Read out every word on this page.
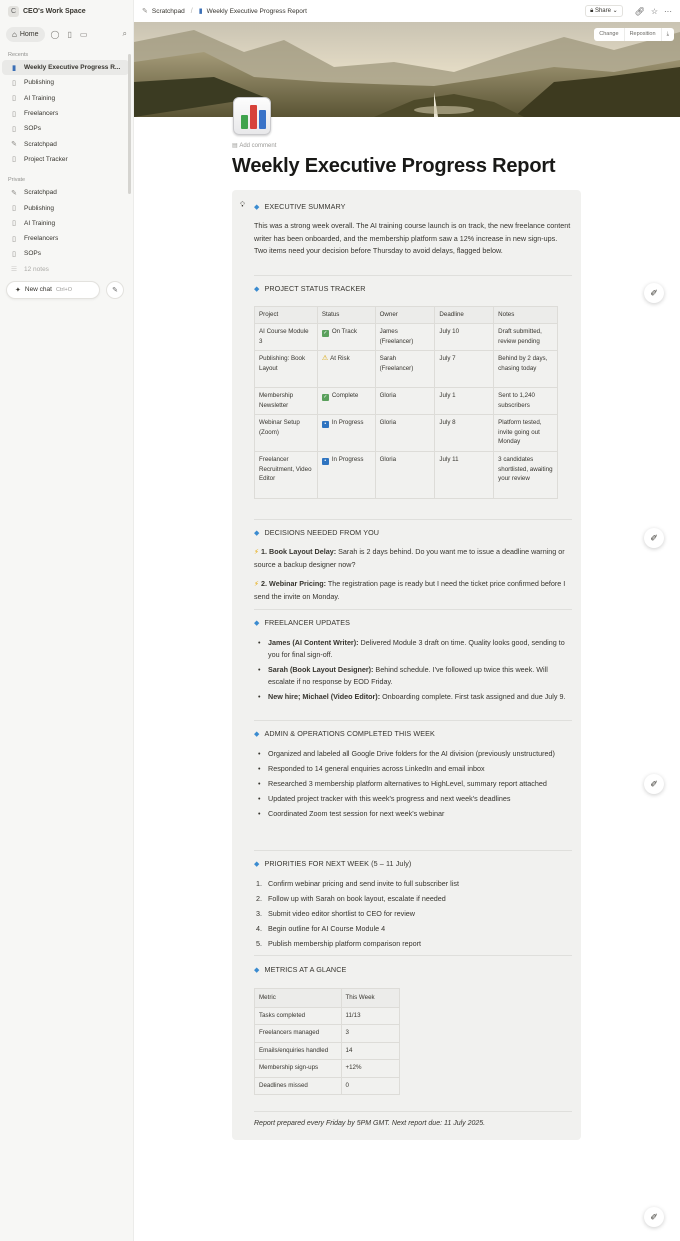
C CEO's Work Space
⌂ Home ◯ ▯ ▭	⌕
Recents
▮	Weekly Executive Progress R...
▯	Publishing
▯	AI Training
▯	Freelancers
▯	SOPs
✎ Scratchpad
▯	Project Tracker
Private
✎ Scratchpad
▯	Publishing
▯	AI Training
▯	Freelancers
▯	SOPs
☰ 12 notes
✦ New chat Ctrl+O	✎
✎ Scratchpad / ▮ Weekly Executive Progress Report	🔒︎ Share ⌄	🔗︎ ☆ ···
Change	Reposition	⤓
▤ Add comment
Weekly Executive Progress Report
💡︎ ◆ EXECUTIVE SUMMARY
This was a strong week overall. The AI training course launch is on track, the new freelance content writer has been onboarded, and the membership platform saw a 12% increase in new sign-ups. Two items need your decision before Thursday to avoid delays, flagged below.
◆ PROJECT STATUS TRACKER
Project	Status	Owner	Deadline	Notes
AI Course Module 3	✓ On Track	James (Freelancer)	July 10	Draft submitted, review pending
Publishing: Book Layout	⚠ At Risk	Sarah (Freelancer)	July 7	Behind by 2 days, chasing today
Membership Newsletter	✓ Complete	Gloria	July 1	Sent to 1,240 subscribers
Webinar Setup (Zoom)	• In Progress	Gloria	July 8	Platform tested, invite going out Monday
Freelancer Recruitment, Video Editor	• In Progress	Gloria	July 11	3 candidates shortlisted, awaiting your review
◆ DECISIONS NEEDED FROM YOU
⚡︎ 1. Book Layout Delay: Sarah is 2 days behind. Do you want me to issue a deadline warning or source a backup designer now?
⚡︎ 2. Webinar Pricing: The registration page is ready but I need the ticket price confirmed before I send the invite on Monday.
◆ FREELANCER UPDATES
• James (AI Content Writer): Delivered Module 3 draft on time. Quality looks good, sending to you for final sign-off.
• Sarah (Book Layout Designer): Behind schedule. I've followed up twice this week. Will escalate if no response by EOD Friday.
• New hire; Michael (Video Editor): Onboarding complete. First task assigned and due July 9.
◆ ADMIN & OPERATIONS COMPLETED THIS WEEK
• Organized and labeled all Google Drive folders for the AI division (previously unstructured)
• Responded to 14 general enquiries across LinkedIn and email inbox
• Researched 3 membership platform alternatives to HighLevel, summary report attached
• Updated project tracker with this week's progress and next week's deadlines
• Coordinated Zoom test session for next week's webinar
◆ PRIORITIES FOR NEXT WEEK (5 – 11 July)
1. Confirm webinar pricing and send invite to full subscriber list
2. Follow up with Sarah on book layout, escalate if needed
3. Submit video editor shortlist to CEO for review
4. Begin outline for AI Course Module 4
5. Publish membership platform comparison report
◆ METRICS AT A GLANCE
Metric	This Week
Tasks completed	11/13
Freelancers managed	3
Emails/enquiries handled	14
Membership sign-ups	+12%
Deadlines missed	0
Report prepared every Friday by 5PM GMT. Next report due: 11 July 2025.
✐
✐
✐
✐
